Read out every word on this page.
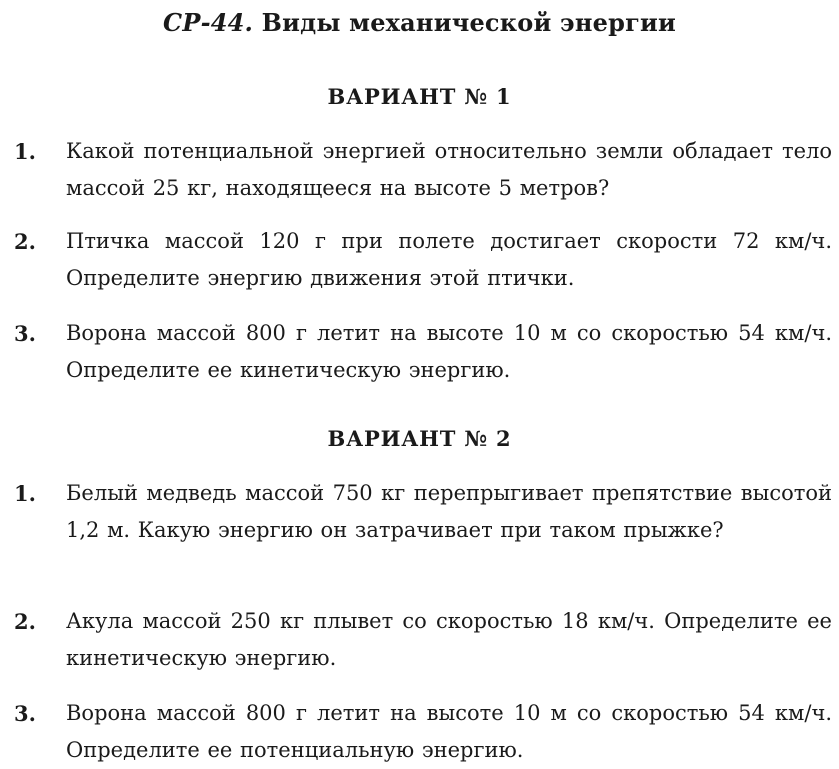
СР-44. Виды механической энергии
ВАРИАНТ № 1
1. Какой потенциальной энергией относительно земли обладает тело массой 25 кг, находящееся на высоте 5 метров?
2. Птичка массой 120 г при полете достигает скорости 72 км/ч. Определите энергию движения этой птички.
3. Ворона массой 800 г летит на высоте 10 м со скоростью 54 км/ч. Определите ее кинетическую энергию.
ВАРИАНТ № 2
1. Белый медведь массой 750 кг перепрыгивает препятствие высотой 1,2 м. Какую энергию он затрачивает при таком прыжке?
2. Акула массой 250 кг плывет со скоростью 18 км/ч. Определите ее кинетическую энергию.
3. Ворона массой 800 г летит на высоте 10 м со скоростью 54 км/ч. Определите ее потенциальную энергию.
